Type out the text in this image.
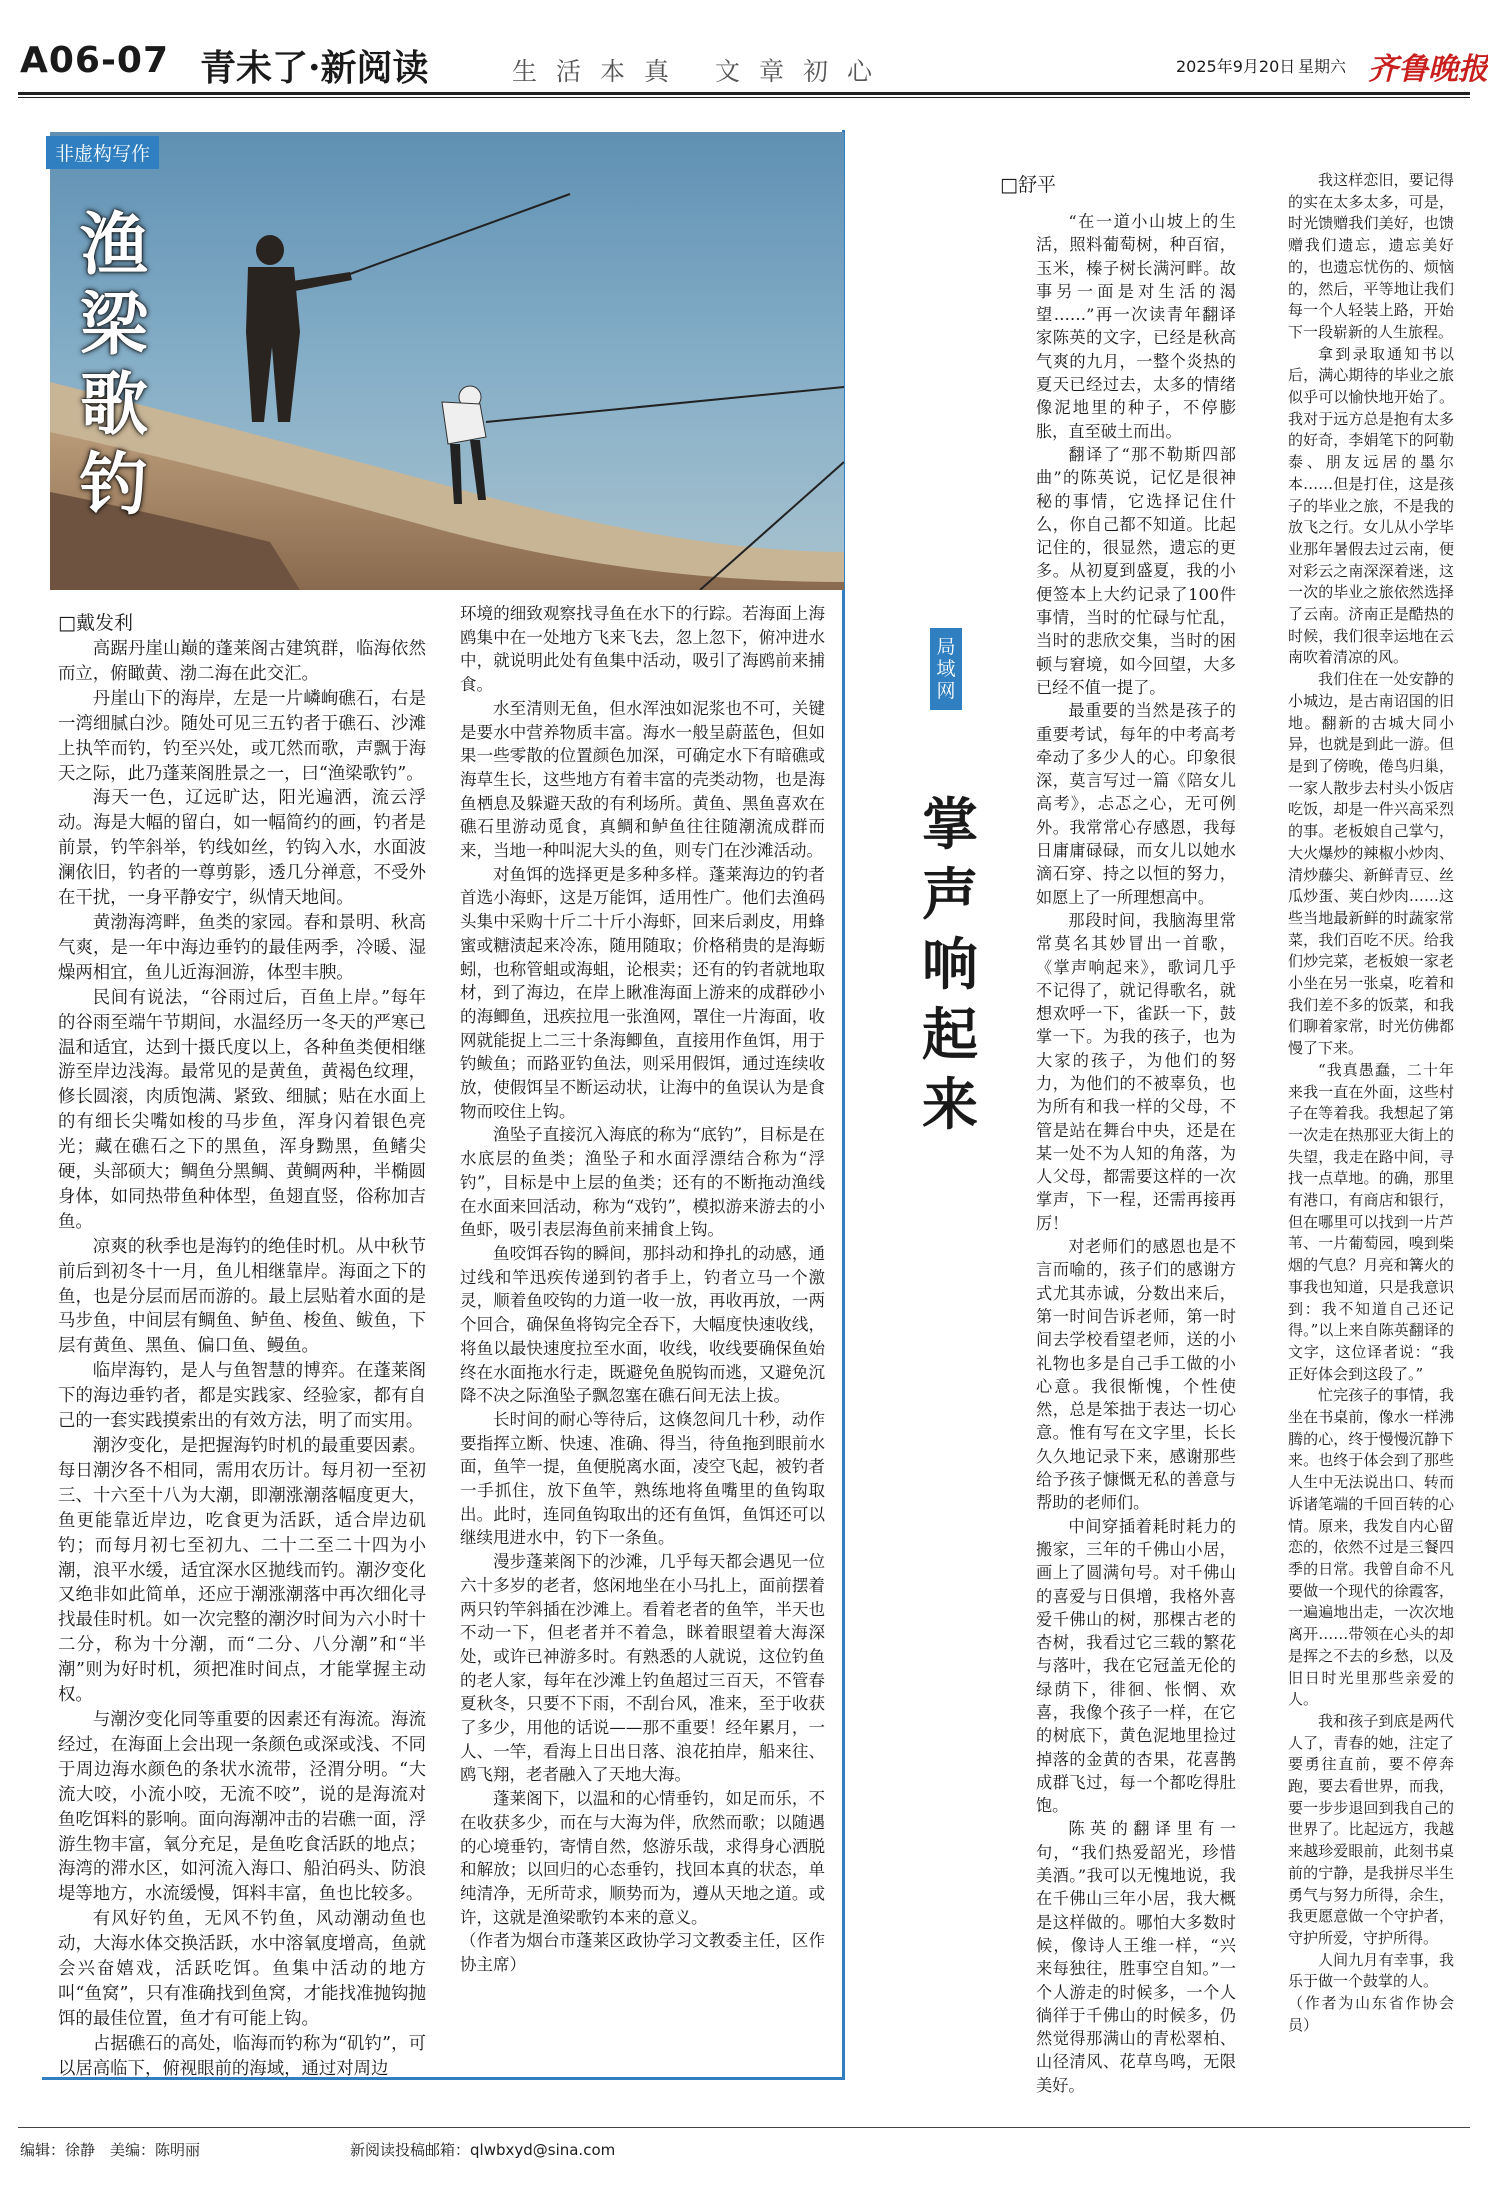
A06-07 青未了·新阅读	生活本真 文章初心	2025年9月20日 星期六 齐鲁晚报
非虚构写作
渔梁歌钓
□戴发利

高踞丹崖山巅的蓬莱阁古建筑群，临海依然而立，俯瞰黄、渤二海在此交汇。

丹崖山下的海岸，左是一片嶙峋礁石，右是一湾细腻白沙。随处可见三五钓者于礁石、沙滩上执竿而钓，钓至兴处，或兀然而歌，声飘于海天之际，此乃蓬莱阁胜景之一，曰“渔梁歌钓”。

海天一色，辽远旷达，阳光遍洒，流云浮动。海是大幅的留白，如一幅简约的画，钓者是前景，钓竿斜举，钓线如丝，钓钩入水，水面波澜依旧，钓者的一尊剪影，透几分禅意，不受外在干扰，一身平静安宁，纵情天地间。

黄渤海湾畔，鱼类的家园。春和景明、秋高气爽，是一年中海边垂钓的最佳两季，冷暖、湿燥两相宜，鱼儿近海洄游，体型丰腴。

民间有说法，“谷雨过后，百鱼上岸。”每年的谷雨至端午节期间，水温经历一冬天的严寒已温和适宜，达到十摄氏度以上，各种鱼类便相继游至岸边浅海。最常见的是黄鱼，黄褐色纹理，修长圆滚，肉质饱满、紧致、细腻；贴在水面上的有细长尖嘴如梭的马步鱼，浑身闪着银色亮光；藏在礁石之下的黑鱼，浑身黝黑，鱼鳍尖硬，头部硕大；鲷鱼分黑鲷、黄鲷两种，半椭圆身体，如同热带鱼种体型，鱼翅直竖，俗称加吉鱼。

凉爽的秋季也是海钓的绝佳时机。从中秋节前后到初冬十一月，鱼儿相继靠岸。海面之下的鱼，也是分层而居而游的。最上层贴着水面的是马步鱼，中间层有鲷鱼、鲈鱼、梭鱼、鲅鱼，下层有黄鱼、黑鱼、偏口鱼、鳗鱼。

临岸海钓，是人与鱼智慧的博弈。在蓬莱阁下的海边垂钓者，都是实践家、经验家，都有自己的一套实践摸索出的有效方法，明了而实用。

潮汐变化，是把握海钓时机的最重要因素。每日潮汐各不相同，需用农历计。每月初一至初三、十六至十八为大潮，即潮涨潮落幅度更大，鱼更能靠近岸边，吃食更为活跃，适合岸边矶钓；而每月初七至初九、二十二至二十四为小潮，浪平水缓，适宜深水区拋线而钓。潮汐变化又绝非如此简单，还应于潮涨潮落中再次细化寻找最佳时机。如一次完整的潮汐时间为六小时十二分，称为十分潮，而“二分、八分潮”和“半潮”则为好时机，须把准时间点，才能掌握主动权。

与潮汐变化同等重要的因素还有海流。海流经过，在海面上会出现一条颜色或深或浅、不同于周边海水颜色的条状水流带，泾渭分明。“大流大咬，小流小咬，无流不咬”，说的是海流对鱼吃饵料的影响。面向海潮冲击的岩礁一面，浮游生物丰富，氧分充足，是鱼吃食活跃的地点；海湾的滞水区，如河流入海口、船泊码头、防浪堤等地方，水流缓慢，饵料丰富，鱼也比较多。

有风好钓鱼，无风不钓鱼，风动潮动鱼也动，大海水体交换活跃，水中溶氧度增高，鱼就会兴奋嬉戏，活跃吃饵。鱼集中活动的地方叫“鱼窝”，只有准确找到鱼窝，才能找准抛钩抛饵的最佳位置，鱼才有可能上钩。

占据礁石的高处，临海而钓称为“矶钓”，可以居高临下，俯视眼前的海域，通过对周边

环境的细致观察找寻鱼在水下的行踪。若海面上海鸥集中在一处地方飞来飞去，忽上忽下，俯冲进水中，就说明此处有鱼集中活动，吸引了海鸥前来捕食。

水至清则无鱼，但水浑浊如泥浆也不可，关键是要水中营养物质丰富。海水一般呈蔚蓝色，但如果一些零散的位置颜色加深，可确定水下有暗礁或海草生长，这些地方有着丰富的壳类动物，也是海鱼栖息及躲避天敌的有利场所。黄鱼、黑鱼喜欢在礁石里游动觅食，真鲷和鲈鱼往往随潮流成群而来，当地一种叫泥大头的鱼，则专门在沙滩活动。

对鱼饵的选择更是多种多样。蓬莱海边的钓者首选小海虾，这是万能饵，适用性广。他们去渔码头集中采购十斤二十斤小海虾，回来后剥皮，用蜂蜜或糖渍起来冷冻，随用随取；价格稍贵的是海蛎蚓，也称管蛆或海蛆，论根卖；还有的钓者就地取材，到了海边，在岸上瞅准海面上游来的成群砂小的海鲫鱼，迅疾拉甩一张渔网，罩住一片海面，收网就能捉上二三十条海鲫鱼，直接用作鱼饵，用于钓鲅鱼；而路亚钓鱼法，则采用假饵，通过连续收放，使假饵呈不断运动状，让海中的鱼误认为是食物而咬住上钩。

渔坠子直接沉入海底的称为“底钓”，目标是在水底层的鱼类；渔坠子和水面浮漂结合称为“浮钓”，目标是中上层的鱼类；还有的不断拖动渔线在水面来回活动，称为“戏钓”，模拟游来游去的小鱼虾，吸引表层海鱼前来捕食上钩。

鱼咬饵吞钩的瞬间，那抖动和挣扎的动感，通过线和竿迅疾传递到钓者手上，钓者立马一个激灵，顺着鱼咬钩的力道一收一放，再收再放，一两个回合，确保鱼将钩完全吞下，大幅度快速收线，将鱼以最快速度拉至水面，收线，收线要确保鱼始终在水面拖水行走，既避免鱼脱钩而逃，又避免沉降不决之际渔坠子飘忽塞在礁石间无法上拔。

长时间的耐心等待后，这倏忽间几十秒，动作要指挥立断、快速、准确、得当，待鱼拖到眼前水面，鱼竿一提，鱼便脱离水面，凌空飞起，被钓者一手抓住，放下鱼竿，熟练地将鱼嘴里的鱼钩取出。此时，连同鱼钩取出的还有鱼饵，鱼饵还可以继续甩进水中，钓下一条鱼。

漫步蓬莱阁下的沙滩，几乎每天都会遇见一位六十多岁的老者，悠闲地坐在小马扎上，面前摆着两只钓竿斜插在沙滩上。看着老者的鱼竿，半天也不动一下，但老者并不着急，眯着眼望着大海深处，或许已神游多时。有熟悉的人就说，这位钓鱼的老人家，每年在沙滩上钓鱼超过三百天，不管春夏秋冬，只要不下雨，不刮台风，准来，至于收获了多少，用他的话说——那不重要！经年累月，一人、一竿，看海上日出日落、浪花拍岸，船来往、鸥飞翔，老者融入了天地大海。

蓬莱阁下，以温和的心情垂钓，如足而乐，不在收获多少，而在与大海为伴，欣然而歌；以随遇的心境垂钓，寄情自然，悠游乐哉，求得身心洒脱和解放；以回归的心态垂钓，找回本真的状态，单纯清净，无所苛求，顺势而为，遵从天地之道。或许，这就是渔梁歌钓本来的意义。

（作者为烟台市蓬莱区政协学习文教委主任，区作协主席）

局域网
掌声响起来
□舒平

“在一道小山坡上的生活，照料葡萄树，种百宿，玉米，榛子树长满河畔。故事另一面是对生活的渴望……”再一次读青年翻译家陈英的文字，已经是秋高气爽的九月，一整个炎热的夏天已经过去，太多的情绪像泥地里的种子，不停膨胀，直至破土而出。

翻译了“那不勒斯四部曲”的陈英说，记忆是很神秘的事情，它选择记住什么，你自己都不知道。比起记住的，很显然，遗忘的更多。从初夏到盛夏，我的小便签本上大约记录了100件事情，当时的忙碌与忙乱，当时的悲欣交集，当时的困顿与窘境，如今回望，大多已经不值一提了。

最重要的当然是孩子的重要考试，每年的中考高考牵动了多少人的心。印象很深，莫言写过一篇《陪女儿高考》，忐忑之心，无可例外。我常常心存感恩，我每日庸庸碌碌，而女儿以她水滴石穿、持之以恒的努力，如愿上了一所理想高中。

那段时间，我脑海里常常莫名其妙冒出一首歌，《掌声响起来》，歌词几乎不记得了，就记得歌名，就想欢呼一下，雀跃一下，鼓掌一下。为我的孩子，也为大家的孩子，为他们的努力，为他们的不被辜负，也为所有和我一样的父母，不管是站在舞台中央，还是在某一处不为人知的角落，为人父母，都需要这样的一次掌声，下一程，还需再接再厉！

对老师们的感恩也是不言而喻的，孩子们的感谢方式尤其赤诚，分数出来后，第一时间告诉老师，第一时间去学校看望老师，送的小礼物也多是自己手工做的小心意。我很惭愧，个性使然，总是笨拙于表达一切心意。惟有写在文字里，长长久久地记录下来，感谢那些给予孩子慷慨无私的善意与帮助的老师们。

中间穿插着耗时耗力的搬家，三年的千佛山小居，画上了圆满句号。对千佛山的喜爱与日俱增，我格外喜爱千佛山的树，那棵古老的杏树，我看过它三载的繁花与落叶，我在它冠盖无伦的绿荫下，徘徊、怅惘、欢喜，我像个孩子一样，在它的树底下，黄色泥地里捡过掉落的金黄的杏果，花喜鹊成群飞过，每一个都吃得肚饱。

陈英的翻译里有一句，“我们热爱韶光，珍惜美酒。”我可以无愧地说，我在千佛山三年小居，我大概是这样做的。哪怕大多数时候，像诗人王维一样，“兴来每独往，胜事空自知。”一个人游走的时候多，一个人徜徉于千佛山的时候多，仍然觉得那满山的青松翠柏、山径清风、花草鸟鸣，无限美好。

我这样恋旧，要记得的实在太多太多，可是，时光馈赠我们美好，也馈赠我们遗忘，遗忘美好的，也遗忘忧伤的、烦恼的，然后，平等地让我们每一个人轻装上路，开始下一段崭新的人生旅程。

拿到录取通知书以后，满心期待的毕业之旅似乎可以愉快地开始了。我对于远方总是抱有太多的好奇，李娟笔下的阿勒泰、朋友远居的墨尔本……但是打住，这是孩子的毕业之旅，不是我的放飞之行。女儿从小学毕业那年暑假去过云南，便对彩云之南深深着迷，这一次的毕业之旅依然选择了云南。济南正是酷热的时候，我们很幸运地在云南吹着清凉的风。

我们住在一处安静的小城边，是古南诏国的旧地。翻新的古城大同小异，也就是到此一游。但是到了傍晚，倦鸟归巢，一家人散步去村头小饭店吃饭，却是一件兴高采烈的事。老板娘自己掌勺，大火爆炒的辣椒小炒肉、清炒藤尖、新鲜青豆、丝瓜炒蛋、荚白炒肉……这些当地最新鲜的时蔬家常菜，我们百吃不厌。给我们炒完菜，老板娘一家老小坐在另一张桌，吃着和我们差不多的饭菜，和我们聊着家常，时光仿佛都慢了下来。

“我真愚蠢，二十年来我一直在外面，这些村子在等着我。我想起了第一次走在热那亚大街上的失望，我走在路中间，寻找一点草地。的确，那里有港口，有商店和银行，但在哪里可以找到一片芦苇、一片葡萄园，嗅到柴烟的气息？月亮和篝火的事我也知道，只是我意识到：我不知道自己还记得。”以上来自陈英翻译的文字，这位译者说：“我正好体会到这段了。”

忙完孩子的事情，我坐在书桌前，像水一样沸腾的心，终于慢慢沉静下来。也终于体会到了那些人生中无法说出口、转而诉诸笔端的千回百转的心情。原来，我发自内心留恋的，依然不过是三餐四季的日常。我曾自命不凡要做一个现代的徐霞客，一遍遍地出走，一次次地离开……带领在心头的却是挥之不去的乡愁，以及旧日时光里那些亲爱的人。

我和孩子到底是两代人了，青春的她，注定了要勇往直前，要不停奔跑，要去看世界，而我，要一步步退回到我自己的世界了。比起远方，我越来越珍爱眼前，此刻书桌前的宁静，是我拼尽半生勇气与努力所得，余生，我更愿意做一个守护者，守护所爱，守护所得。

人间九月有幸事，我乐于做一个鼓掌的人。

（作者为山东省作协会员）

编辑：徐静　美编：陈明丽	新阅读投稿邮箱：qlwbxyd@sina.com
